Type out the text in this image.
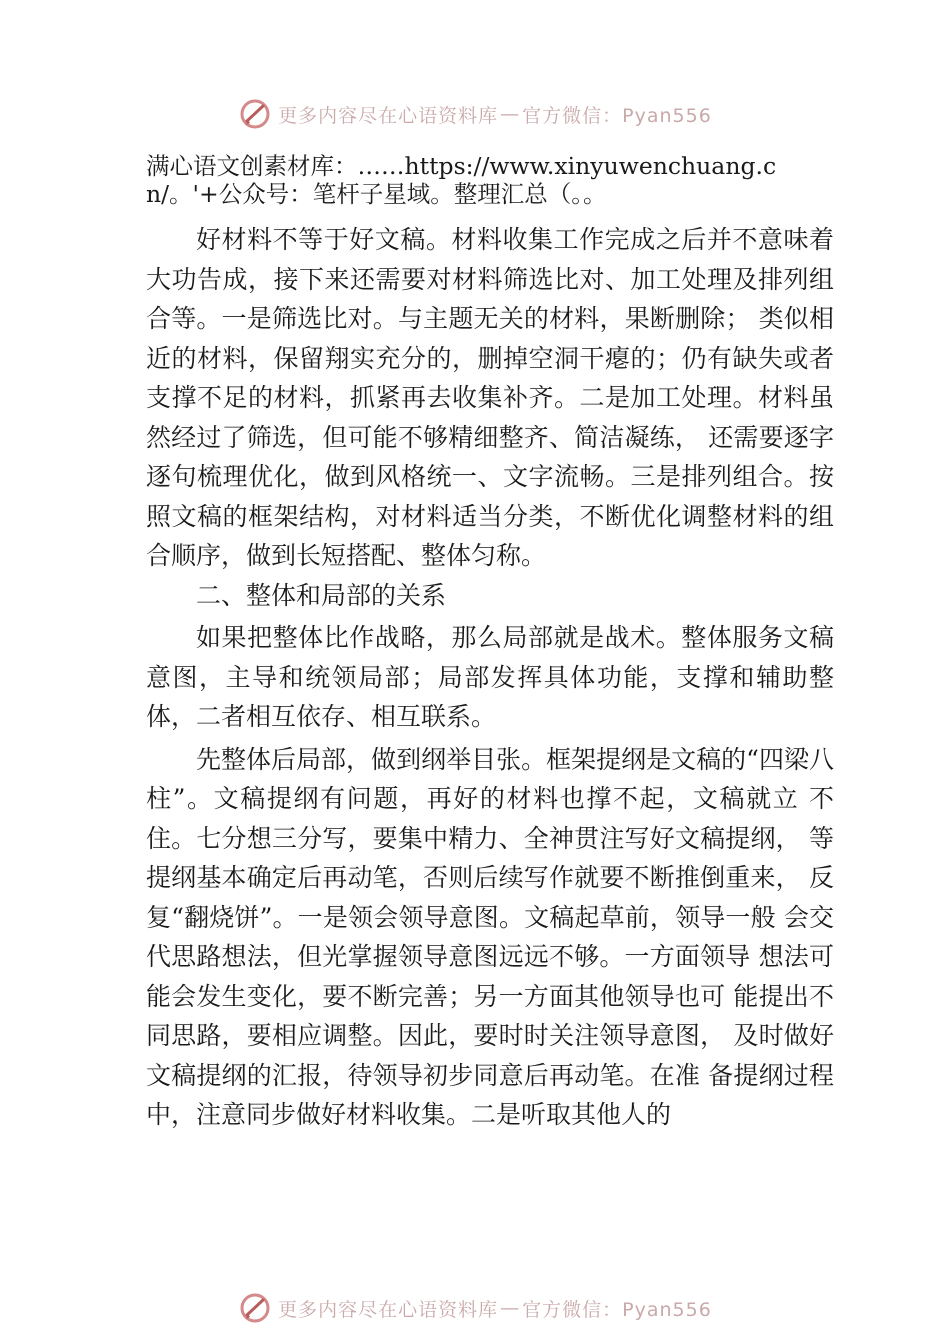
更多内容尽在心语资料库 — 官方微信：Pyan556

满心语文创素材库：……https://www.xinyuwenchuang.cn/。'+公众号：笔杆子星域。整理汇总（。。

好材料不等于好文稿。材料收集工作完成之后并不意味着大功告成，接下来还需要对材料筛选比对、加工处理及排列组合等。一是筛选比对。与主题无关的材料，果断删除； 类似相近的材料，保留翔实充分的，删掉空洞干瘪的；仍有缺失或者支撑不足的材料，抓紧再去收集补齐。二是加工处理。材料虽然经过了筛选，但可能不够精细整齐、简洁凝练， 还需要逐字逐句梳理优化，做到风格统一、文字流畅。三是排列组合。按照文稿的框架结构，对材料适当分类，不断优化调整材料的组合顺序，做到长短搭配、整体匀称。

二、整体和局部的关系

如果把整体比作战略，那么局部就是战术。整体服务文稿意图，主导和统领局部；局部发挥具体功能，支撑和辅助整体，二者相互依存、相互联系。

先整体后局部，做到纲举目张。框架提纲是文稿的“四梁八柱”。文稿提纲有问题，再好的材料也撑不起，文稿就立 不住。七分想三分写，要集中精力、全神贯注写好文稿提纲， 等提纲基本确定后再动笔，否则后续写作就要不断推倒重来， 反复“翻烧饼”。一是领会领导意图。文稿起草前，领导一般 会交代思路想法，但光掌握领导意图远远不够。一方面领导 想法可能会发生变化，要不断完善；另一方面其他领导也可 能提出不同思路，要相应调整。因此，要时时关注领导意图， 及时做好文稿提纲的汇报，待领导初步同意后再动笔。在准 备提纲过程中，注意同步做好材料收集。二是听取其他人的

更多内容尽在心语资料库 — 官方微信：Pyan556
